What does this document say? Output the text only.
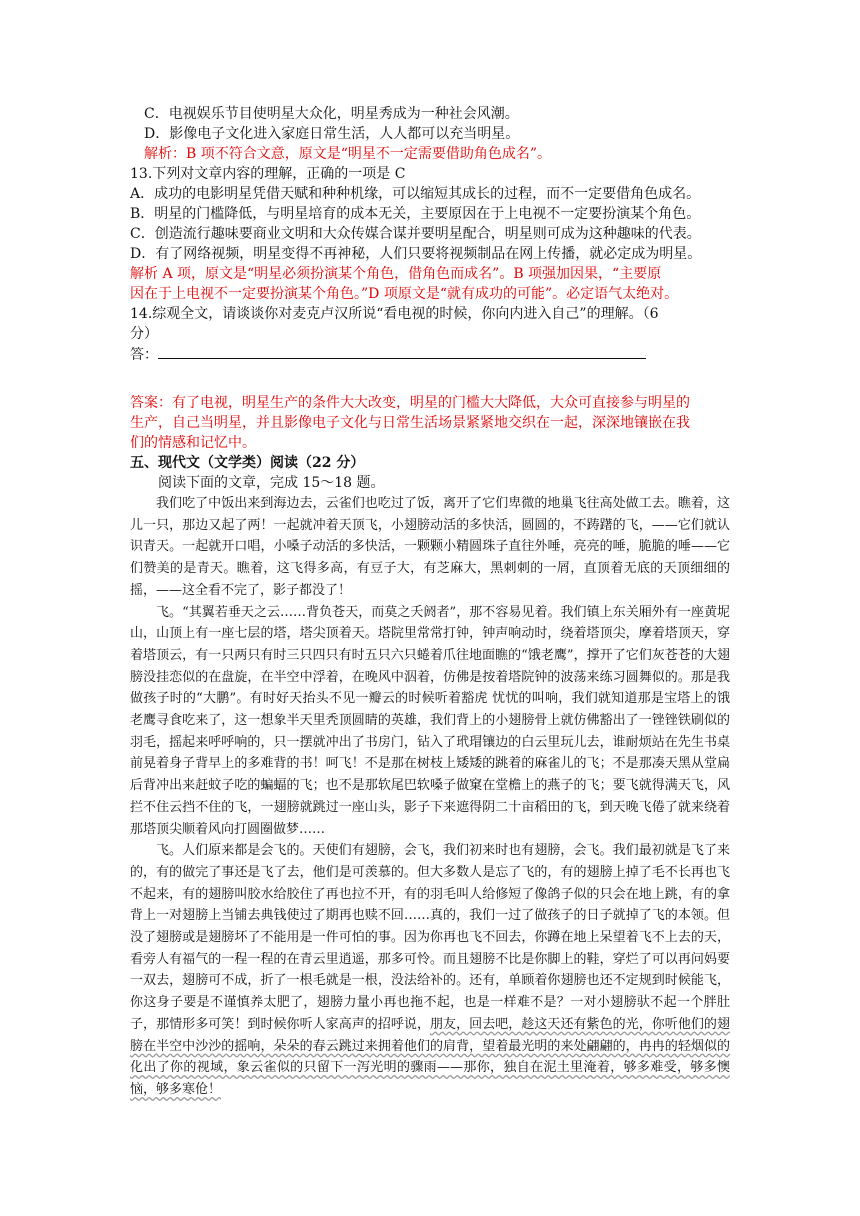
C．电视娱乐节目使明星大众化，明星秀成为一种社会风潮。
D．影像电子文化进入家庭日常生活，人人都可以充当明星。
解析：B 项不符合文意，原文是“明星不一定需要借助角色成名”。
13.下列对文章内容的理解，正确的一项是 C
A．成功的电影明星凭借天赋和种种机缘，可以缩短其成长的过程，而不一定要借角色成名。
B．明星的门槛降低，与明星培育的成本无关，主要原因在于上电视不一定要扮演某个角色。
C．创造流行趣味要商业文明和大众传媒合谋并要明星配合，明星则可成为这种趣味的代表。
D．有了网络视频，明星变得不再神秘，人们只要将视频制品在网上传播，就必定成为明星。
解析 A 项，原文是“明星必须扮演某个角色，借角色而成名”。B 项强加因果，“主要原
因在于上电视不一定要扮演某个角色。”D 项原文是“就有成功的可能”。必定语气太绝对。
14.综观全文，请谈谈你对麦克卢汉所说“看电视的时候，你向内进入自己”的理解。（6
分）
答：
答案：有了电视，明星生产的条件大大改变，明星的门槛大大降低，大众可直接参与明星的
生产，自己当明星，并且影像电子文化与日常生活场景紧紧地交织在一起，深深地镶嵌在我
们的情感和记忆中。
五、现代文（文学类）阅读（22 分）
阅读下面的文章，完成 15～18 题。

我们吃了中饭出来到海边去，云雀们也吃过了饭，离开了它们卑微的地巢飞往高处做工去。瞧着，这儿一只，那边又起了两！一起就冲着天顶飞，小翅膀动活的多快活，圆圆的，不踌躇的飞，——它们就认识青天。一起就开口唱，小嗓子动活的多快活，一颗颗小精圆珠子直往外唾，亮亮的唾，脆脆的唾——它们赞美的是青天。瞧着，这飞得多高，有豆子大，有芝麻大，黑刺刺的一屑，直顶着无底的天顶细细的摇，——这全看不完了，影子都没了！

飞。“其翼若垂天之云……背负苍天，而莫之夭阏者”，那不容易见着。我们镇上东关厢外有一座黄坭山，山顶上有一座七层的塔，塔尖顶着天。塔院里常常打钟，钟声响动时，绕着塔顶尖，摩着塔顶天，穿着塔顶云，有一只两只有时三只四只有时五只六只蜷着爪往地面瞧的“饿老鹰”，撑开了它们灰苍苍的大翅膀没挂恋似的在盘旋，在半空中浮着，在晚风中泅着，仿佛是按着塔院钟的波荡来练习圆舞似的。那是我做孩子时的“大鹏”。有时好天抬头不见一瓣云的时候听着豁虎 忧忧的叫响，我们就知道那是宝塔上的饿老鹰寻食吃来了，这一想象半天里秃顶圆睛的英雄，我们背上的小翅膀骨上就仿佛豁出了一锉锉铁刷似的羽毛，摇起来呼呼响的，只一摆就冲出了书房门，钻入了玳瑁镶边的白云里玩儿去，谁耐烦站在先生书桌前晃着身子背早上的多难背的书！呵飞！不是那在树枝上矮矮的跳着的麻雀儿的飞；不是那凑天黑从堂扁后背冲出来赶蚊子吃的蝙蝠的飞；也不是那软尾巴软嗓子做窠在堂檐上的燕子的飞；要飞就得满天飞，风拦不住云挡不住的飞，一翅膀就跳过一座山头，影子下来遮得阴二十亩稻田的飞，到天晚飞倦了就来绕着那塔顶尖顺着风向打圆圈做梦……

飞。人们原来都是会飞的。天使们有翅膀，会飞，我们初来时也有翅膀，会飞。我们最初就是飞了来的，有的做完了事还是飞了去，他们是可羡慕的。但大多数人是忘了飞的，有的翅膀上掉了毛不长再也飞不起来，有的翅膀叫胶水给胶住了再也拉不开，有的羽毛叫人给修短了像鸽子似的只会在地上跳，有的拿背上一对翅膀上当铺去典钱使过了期再也赎不回……真的，我们一过了做孩子的日子就掉了飞的本领。但没了翅膀或是翅膀坏了不能用是一件可怕的事。因为你再也飞不回去，你蹲在地上呆望着飞不上去的天，看旁人有福气的一程一程的在青云里逍遥，那多可怜。而且翅膀不比是你脚上的鞋，穿烂了可以再问妈要一双去，翅膀可不成，折了一根毛就是一根，没法给补的。还有，单顾着你翅膀也还不定规到时候能飞，你这身子要是不谨慎养太肥了，翅膀力量小再也拖不起，也是一样难不是？一对小翅膀驮不起一个胖肚子，那情形多可笑！到时候你听人家高声的招呼说，朋友，回去吧，趁这天还有紫色的光，你听他们的翅膀在半空中沙沙的摇响，朵朵的春云跳过来拥着他们的肩背，望着最光明的来处翩翩的，冉冉的轻烟似的化出了你的视域，象云雀似的只留下一泻光明的骤雨——那你，独自在泥土里淹着，够多难受，够多懊恼，够多寒伧！
